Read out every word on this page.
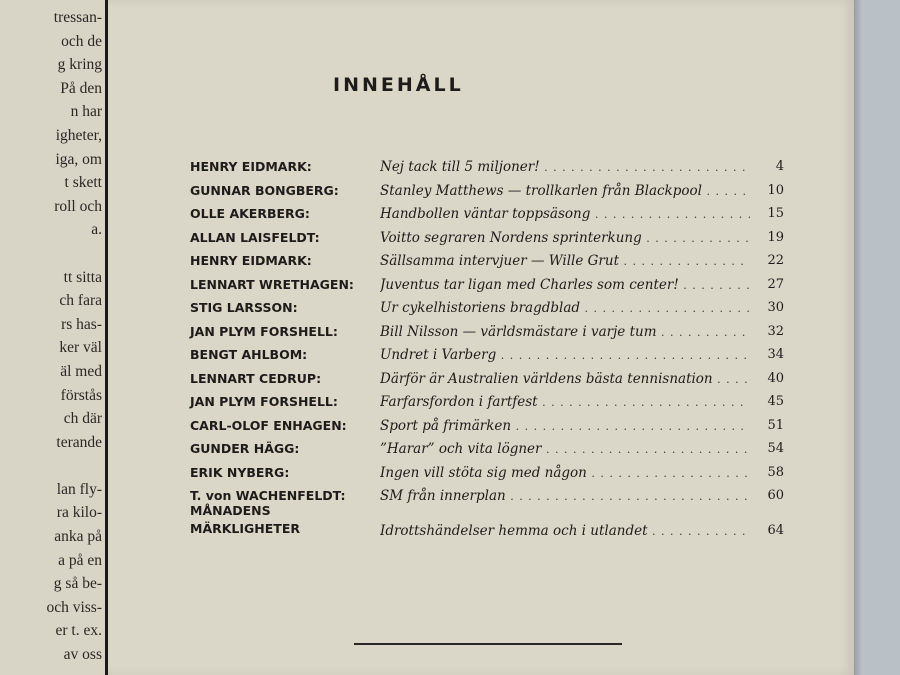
tressan-
och de
g kring
På den
n har
igheter,
iga, om
t skett
roll och
a.
tt sitta
ch fara
rs has-
ker väl
äl med
förstås
ch där
terande
lan fly-
ra kilo-
anka på
a på en
g så be-
och viss-
er t. ex.
av oss
INNEHÅLL
HENRY EIDMARK:	Nej tack till 5 miljoner! . . .	4
GUNNAR BONGBERG:	Stanley Matthews — trollkarlen från Blackpool . . .	10
OLLE AKERBERG:	Handbollen väntar toppsäsong . . .	15
ALLAN LAISFELDT:	Voitto segraren Nordens sprinterkung . . .	19
HENRY EIDMARK:	Sällsamma intervjuer — Wille Grut . . .	22
LENNART WRETHAGEN: Juventus tar ligan med Charles som center! . . .	27
STIG LARSSON:	Ur cykelhistoriens bragdblad . . .	30
JAN PLYM FORSHELL:	Bill Nilsson — världsmästare i varje tum . . .	32
BENGT AHLBOM:	Undret i Varberg . . .	34
LENNART CEDRUP:	Därför är Australien världens bästa tennisnation . . .	40
JAN PLYM FORSHELL:	Farfarsfordon i fartfest . . .	45
CARL-OLOF ENHAGEN: Sport på frimärken . . .	51
GUNDER HÄGG:	”Harar” och vita lögner . . .	54
ERIK NYBERG:	Ingen vill stöta sig med någon . . .	58
T. von WACHENFELDT:	SM från innerplan . . .	60
MÅNADENS
MÄRKLIGHETER	Idrottshändelser hemma och i utlandet . . .	64
